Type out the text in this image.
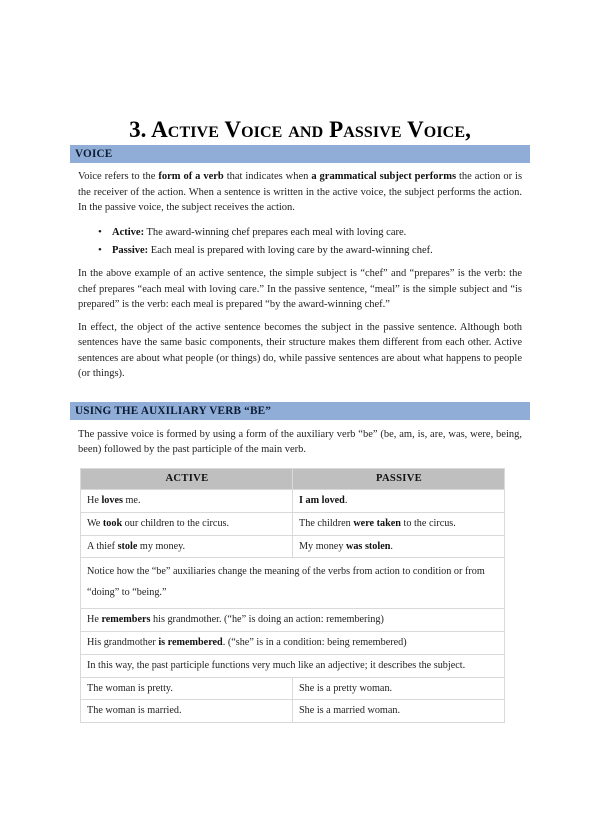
3. Active Voice and Passive Voice,
VOICE

Voice refers to the form of a verb that indicates when a grammatical subject performs the action or is the receiver of the action. When a sentence is written in the active voice, the subject performs the action. In the passive voice, the subject receives the action.

• Active: The award-winning chef prepares each meal with loving care.
• Passive: Each meal is prepared with loving care by the award-winning chef.

In the above example of an active sentence, the simple subject is “chef” and “prepares” is the verb: the chef prepares “each meal with loving care.” In the passive sentence, “meal” is the simple subject and “is prepared” is the verb: each meal is prepared “by the award-winning chef.”

In effect, the object of the active sentence becomes the subject in the passive sentence. Although both sentences have the same basic components, their structure makes them different from each other. Active sentences are about what people (or things) do, while passive sentences are about what happens to people (or things).

USING THE AUXILIARY VERB “BE”

The passive voice is formed by using a form of the auxiliary verb “be” (be, am, is, are, was, were, being, been) followed by the past participle of the main verb.

ACTIVE	PASSIVE
He loves me.	I am loved.
We took our children to the circus.	The children were taken to the circus.
A thief stole my money.	My money was stolen.
Notice how the “be” auxiliaries change the meaning of the verbs from action to condition or from “doing” to “being.”	
He remembers his grandmother. (“he” is doing an action: remembering)	
His grandmother is remembered. (“she” is in a condition: being remembered)	
In this way, the past participle functions very much like an adjective; it describes the subject.	
The woman is pretty.	She is a pretty woman.
The woman is married.	She is a married woman.
